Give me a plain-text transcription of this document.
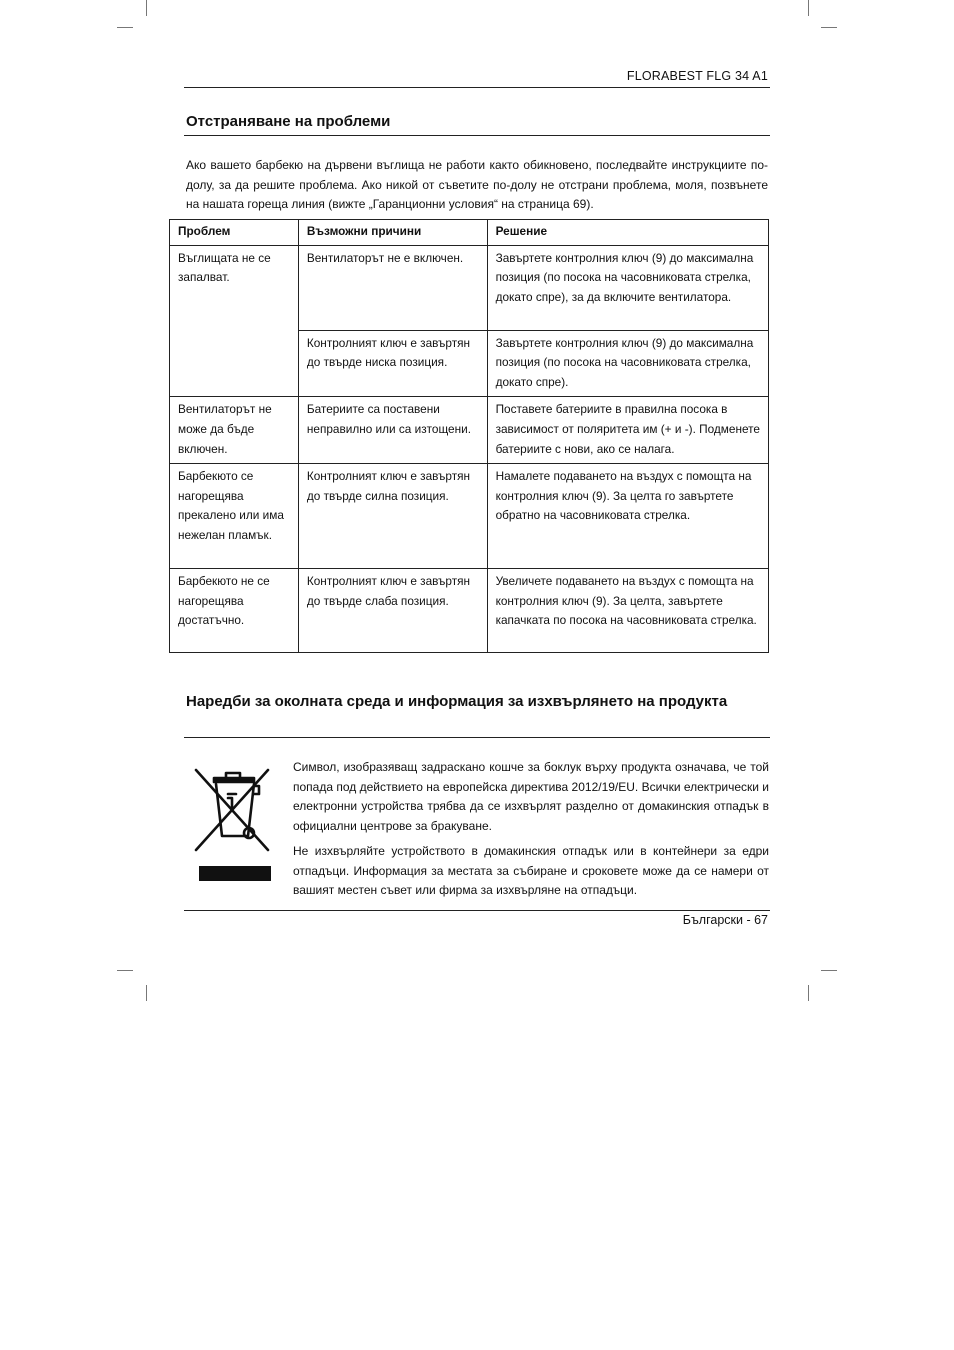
FLORABEST FLG 34 A1
Отстраняване на проблеми
Ако вашето барбекю на дървени въглища не работи както обикновено, последвайте инструкциите по-долу, за да решите проблема. Ако никой от съветите по-долу не отстрани проблема, моля, позвънете на нашата гореща линия (вижте „Гаранционни условия“ на страница 69).
Проблем	Възможни причини	Решение
Въглищата не се запалват.	Вентилаторът не е включен.	Завъртете контролния ключ (9) до максимална позиция (по посока на часовниковата стрелка, докато спре), за да включите вентилатора.
	Контролният ключ е завъртян до твърде ниска позиция.	Завъртете контролния ключ (9) до максимална позиция (по посока на часовниковата стрелка, докато спре).
Вентилаторът не може да бъде включен.	Батериите са поставени неправилно или са изтощени.	Поставете батериите в правилна посока в зависимост от поляритета им (+ и -). Подменете батериите с нови, ако се налага.
Барбекюто се нагорещява прекалено или има нежелан пламък.	Контролният ключ е завъртян до твърде силна позиция.	Намалете подаването на въздух с помощта на контролния ключ (9). За целта го завъртете обратно на часовниковата стрелка.
Барбекюто не се нагорещява достатъчно.	Контролният ключ е завъртян до твърде слаба позиция.	Увеличете подаването на въздух с помощта на контролния ключ (9). За целта, завъртете капачката по посока на часовниковата стрелка.
Наредби за околната среда и информация за изхвърлянето на продукта
Символ, изобразяващ задраскано кошче за боклук върху продукта означава, че той попада под действието на европейска директива 2012/19/EU. Всички електрически и електронни устройства трябва да се изхвърлят разделно от домакинския отпадък в официални центрове за бракуване.
Не изхвърляйте устройството в домакинския отпадък или в контейнери за едри отпадъци. Информация за местата за събиране и сроковете може да се намери от вашият местен съвет или фирма за изхвърляне на отпадъци.
Български - 67
